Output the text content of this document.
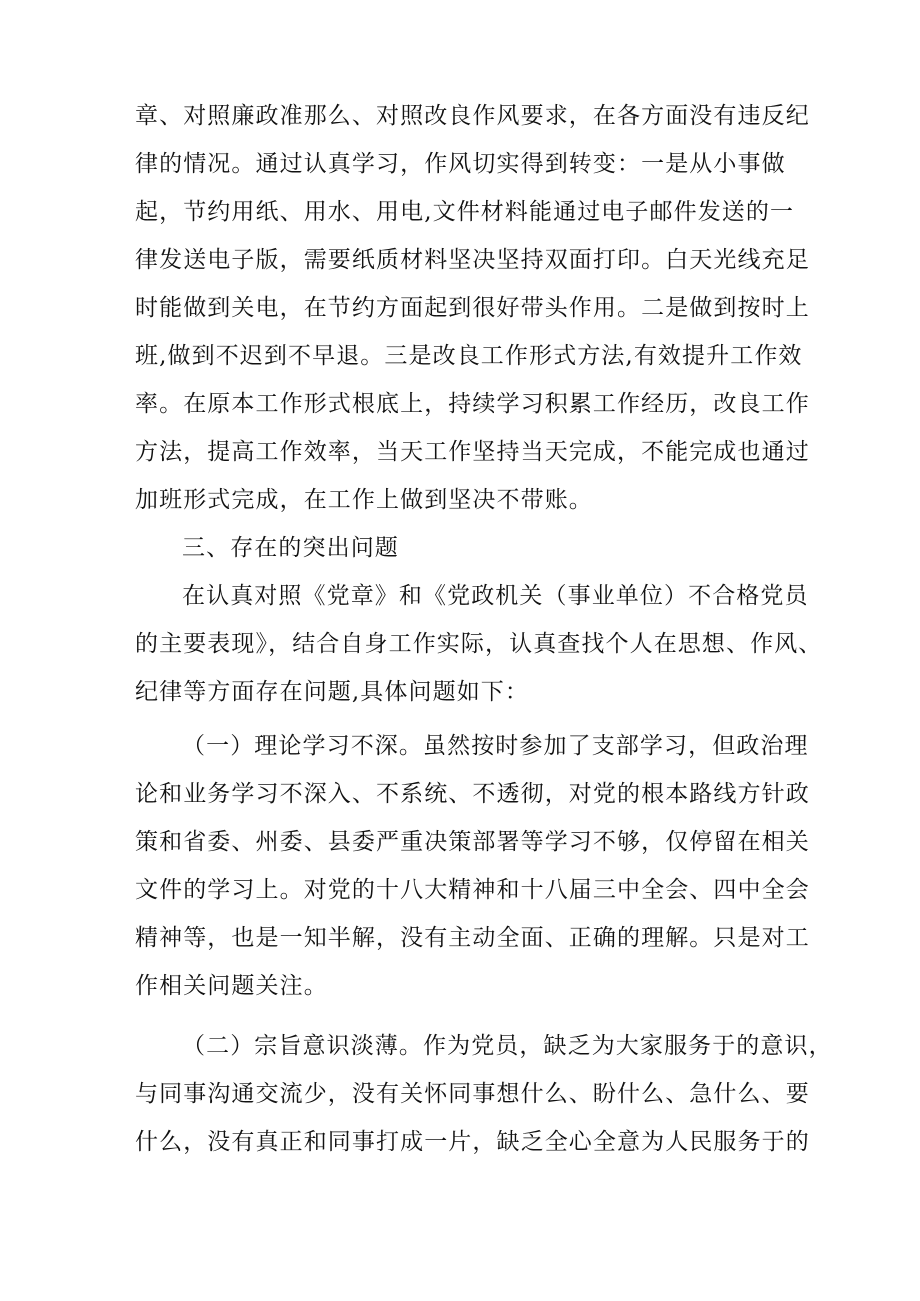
章、对照廉政准那么、对照改良作风要求，在各方面没有违反纪
律的情况。通过认真学习，作风切实得到转变：一是从小事做
起，节约用纸、用水、用电,文件材料能通过电子邮件发送的一
律发送电子版，需要纸质材料坚决坚持双面打印。白天光线充足
时能做到关电，在节约方面起到很好带头作用。二是做到按时上
班,做到不迟到不早退。三是改良工作形式方法,有效提升工作效
率。在原本工作形式根底上，持续学习积累工作经历，改良工作
方法，提高工作效率，当天工作坚持当天完成，不能完成也通过
加班形式完成，在工作上做到坚决不带账。
三、存在的突出问题
在认真对照《党章》和《党政机关（事业单位）不合格党员
的主要表现》，结合自身工作实际，认真查找个人在思想、作风、
纪律等方面存在问题,具体问题如下：
（一）理论学习不深。虽然按时参加了支部学习，但政治理
论和业务学习不深入、不系统、不透彻，对党的根本路线方针政
策和省委、州委、县委严重决策部署等学习不够，仅停留在相关
文件的学习上。对党的十八大精神和十八届三中全会、四中全会
精神等，也是一知半解，没有主动全面、正确的理解。只是对工
作相关问题关注。
（二）宗旨意识淡薄。作为党员，缺乏为大家服务于的意识，
与同事沟通交流少，没有关怀同事想什么、盼什么、急什么、要
什么，没有真正和同事打成一片，缺乏全心全意为人民服务于的
